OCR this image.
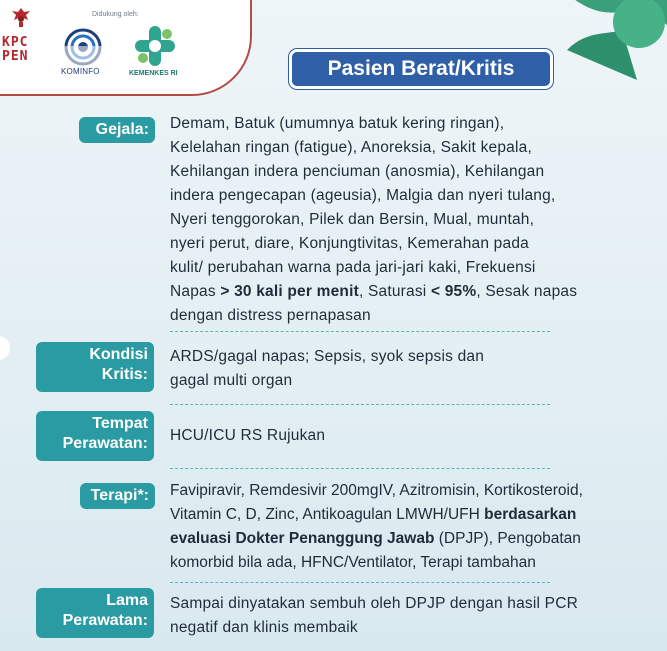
KPC
PEN
Didukung oleh:
KOMINFO	KEMENKES RI	Pasien Berat/Kritis
Gejala:	Demam, Batuk (umumnya batuk kering ringan),
Kelelahan ringan (fatigue), Anoreksia, Sakit kepala,
Kehilangan indera penciuman (anosmia), Kehilangan
indera pengecapan (ageusia), Malgia dan nyeri tulang,
Nyeri tenggorokan, Pilek dan Bersin, Mual, muntah,
nyeri perut, diare, Konjungtivitas, Kemerahan pada
kulit/ perubahan warna pada jari-jari kaki, Frekuensi
Napas > 30 kali per menit, Saturasi < 95%, Sesak napas
dengan distress pernapasan
Kondisi
Kritis:
ARDS/gagal napas; Sepsis, syok sepsis dan
gagal multi organ
Tempat
Perawatan: HCU/ICU RS Rujukan
Terapi*:	Favipiravir, Remdesivir 200mgIV, Azitromisin, Kortikosteroid,
Vitamin C, D, Zinc, Antikoagulan LMWH/UFH berdasarkan
evaluasi Dokter Penanggung Jawab (DPJP), Pengobatan
komorbid bila ada, HFNC/Ventilator, Terapi tambahan
Lama
Perawatan:
Sampai dinyatakan sembuh oleh DPJP dengan hasil PCR
negatif dan klinis membaik
